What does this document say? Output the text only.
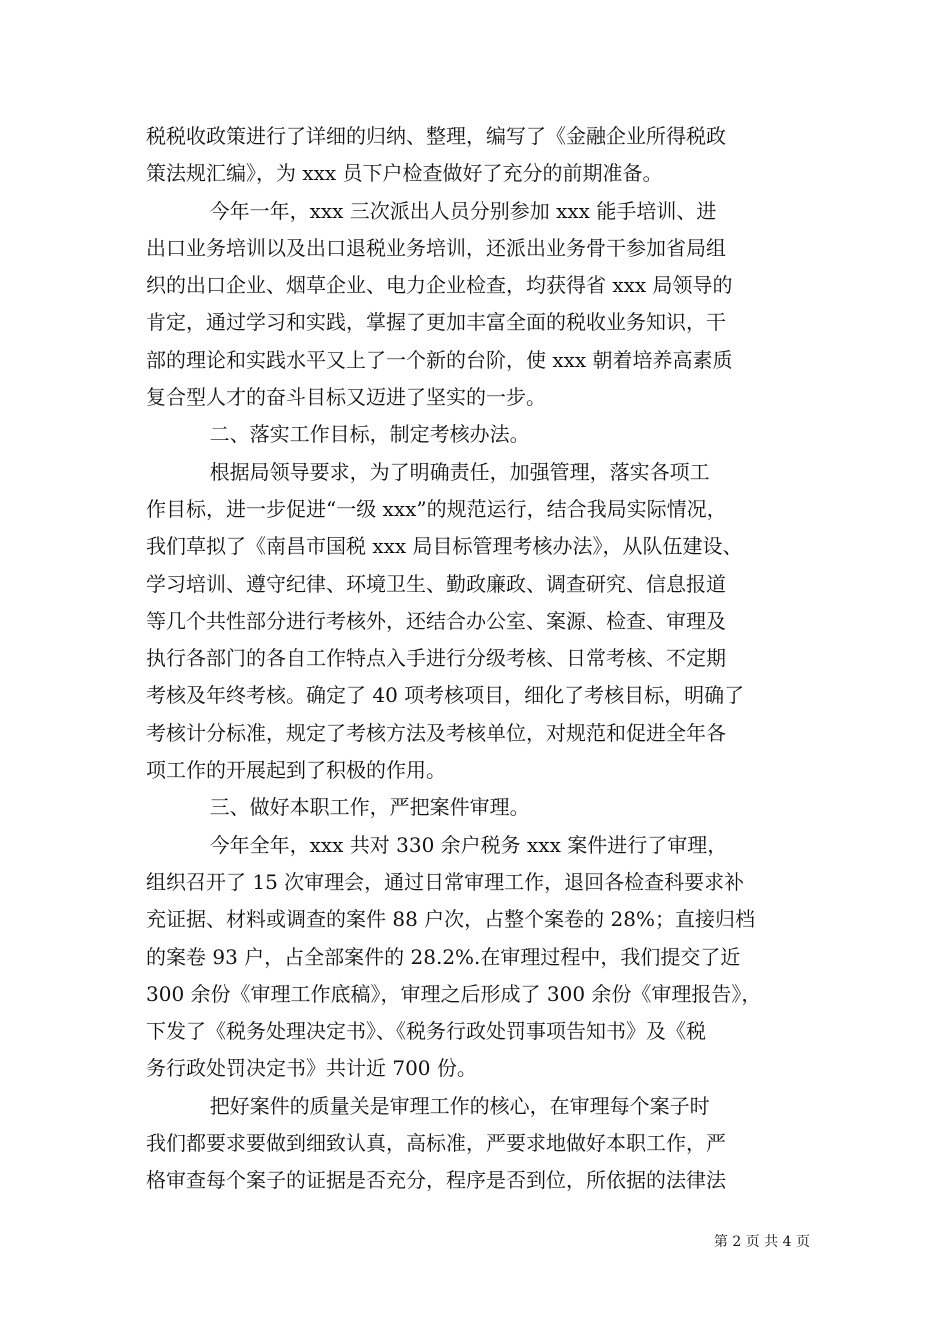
税税收政策进行了详细的归纳、整理，编写了《金融企业所得税政
策法规汇编》，为 xxx 员下户检查做好了充分的前期准备。
今年一年，xxx 三次派出人员分别参加 xxx 能手培训、进
出口业务培训以及出口退税业务培训，还派出业务骨干参加省局组
织的出口企业、烟草企业、电力企业检查，均获得省 xxx 局领导的
肯定，通过学习和实践，掌握了更加丰富全面的税收业务知识，干
部的理论和实践水平又上了一个新的台阶，使 xxx 朝着培养高素质
复合型人才的奋斗目标又迈进了坚实的一步。
二、落实工作目标，制定考核办法。
根据局领导要求，为了明确责任，加强管理，落实各项工
作目标，进一步促进“一级 xxx”的规范运行，结合我局实际情况，
我们草拟了《南昌市国税 xxx 局目标管理考核办法》，从队伍建设、
学习培训、遵守纪律、环境卫生、勤政廉政、调查研究、信息报道
等几个共性部分进行考核外，还结合办公室、案源、检查、审理及
执行各部门的各自工作特点入手进行分级考核、日常考核、不定期
考核及年终考核。确定了 40 项考核项目，细化了考核目标，明确了
考核计分标准，规定了考核方法及考核单位，对规范和促进全年各
项工作的开展起到了积极的作用。
三、做好本职工作，严把案件审理。
今年全年，xxx 共对 330 余户税务 xxx 案件进行了审理，
组织召开了 15 次审理会，通过日常审理工作，退回各检查科要求补
充证据、材料或调查的案件 88 户次，占整个案卷的 28%；直接归档
的案卷 93 户，占全部案件的 28.2%.在审理过程中，我们提交了近
300 余份《审理工作底稿》，审理之后形成了 300 余份《审理报告》，
下发了《税务处理决定书》、《税务行政处罚事项告知书》及《税
务行政处罚决定书》共计近 700 份。
把好案件的质量关是审理工作的核心，在审理每个案子时
我们都要求要做到细致认真，高标准，严要求地做好本职工作，严
格审查每个案子的证据是否充分，程序是否到位，所依据的法律法
第 2 页 共 4 页
